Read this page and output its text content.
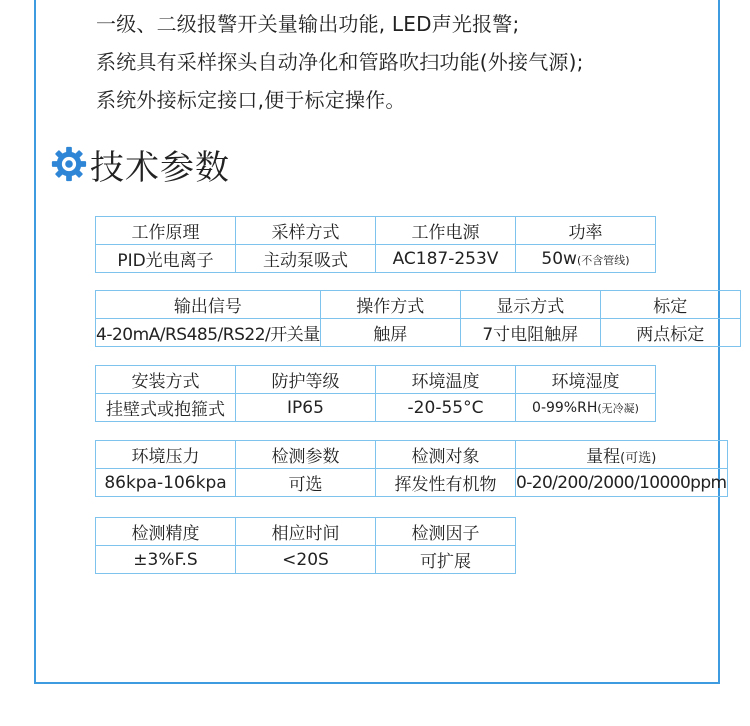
一级、二级报警开关量输出功能, LED声光报警;
系统具有采样探头自动净化和管路吹扫功能(外接气源);
系统外接标定接口,便于标定操作。
技术参数
工作原理	采样方式	工作电源	功率
PID光电离子	主动泵吸式	AC187-253V	50w(不含管线)
输出信号	操作方式	显示方式	标定
4-20mA/RS485/RS22/开关量	触屏	7寸电阻触屏	两点标定
安装方式	防护等级	环境温度	环境湿度
挂壁式或抱箍式	IP65	-20-55°C	0-99%RH(无冷凝)
环境压力	检测参数	检测对象	量程(可选)
86kpa-106kpa	可选	挥发性有机物	0-20/200/2000/10000ppm
检测精度	相应时间	检测因子
±3%F.S	<20S	可扩展
